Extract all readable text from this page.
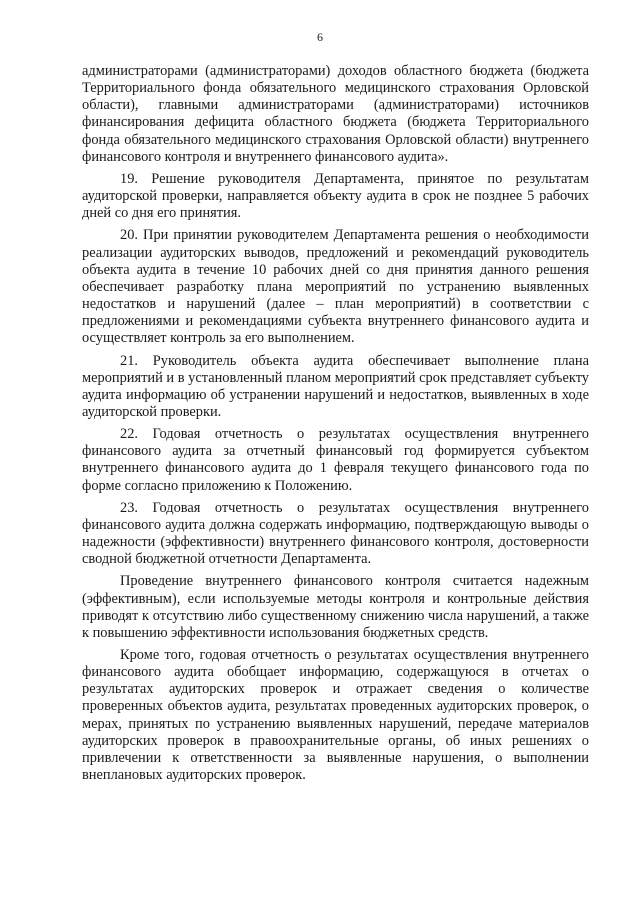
6

администраторами (администраторами) доходов областного бюджета (бюджета Территориального фонда обязательного медицинского страхования Орловской области), главными администраторами (администраторами) источников финансирования дефицита областного бюджета (бюджета Территориального фонда обязательного медицинского страхования Орловской области) внутреннего финансового контроля и внутреннего финансового аудита».

19. Решение руководителя Департамента, принятое по результатам аудиторской проверки, направляется объекту аудита в срок не позднее 5 рабочих дней со дня его принятия.

20. При принятии руководителем Департамента решения о необходимости реализации аудиторских выводов, предложений и рекомендаций руководитель объекта аудита в течение 10 рабочих дней со дня принятия данного решения обеспечивает разработку плана мероприятий по устранению выявленных недостатков и нарушений (далее – план мероприятий) в соответствии с предложениями и рекомендациями субъекта внутреннего финансового аудита и осуществляет контроль за его выполнением.

21. Руководитель объекта аудита обеспечивает выполнение плана мероприятий и в установленный планом мероприятий срок представляет субъекту аудита информацию об устранении нарушений и недостатков, выявленных в ходе аудиторской проверки.

22. Годовая отчетность о результатах осуществления внутреннего финансового аудита за отчетный финансовый год формируется субъектом внутреннего финансового аудита до 1 февраля текущего финансового года по форме согласно приложению к Положению.

23. Годовая отчетность о результатах осуществления внутреннего финансового аудита должна содержать информацию, подтверждающую выводы о надежности (эффективности) внутреннего финансового контроля, достоверности сводной бюджетной отчетности Департамента.

Проведение внутреннего финансового контроля считается надежным (эффективным), если используемые методы контроля и контрольные действия приводят к отсутствию либо существенному снижению числа нарушений, а также к повышению эффективности использования бюджетных средств.

Кроме того, годовая отчетность о результатах осуществления внутреннего финансового аудита обобщает информацию, содержащуюся в отчетах о результатах аудиторских проверок и отражает сведения о количестве проверенных объектов аудита, результатах проведенных аудиторских проверок, о мерах, принятых по устранению выявленных нарушений, передаче материалов аудиторских проверок в правоохранительные органы, об иных решениях о привлечении к ответственности за выявленные нарушения, о выполнении внеплановых аудиторских проверок.
